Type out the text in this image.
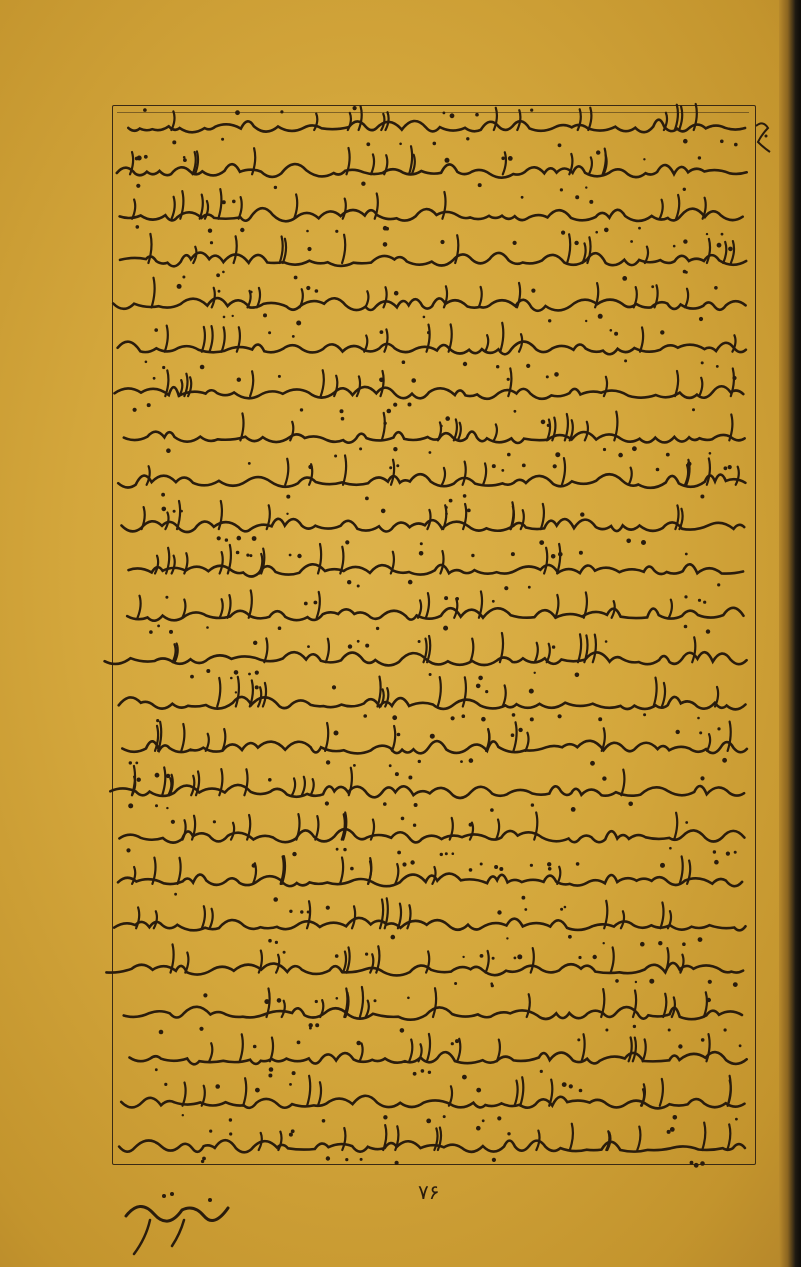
۷۶
